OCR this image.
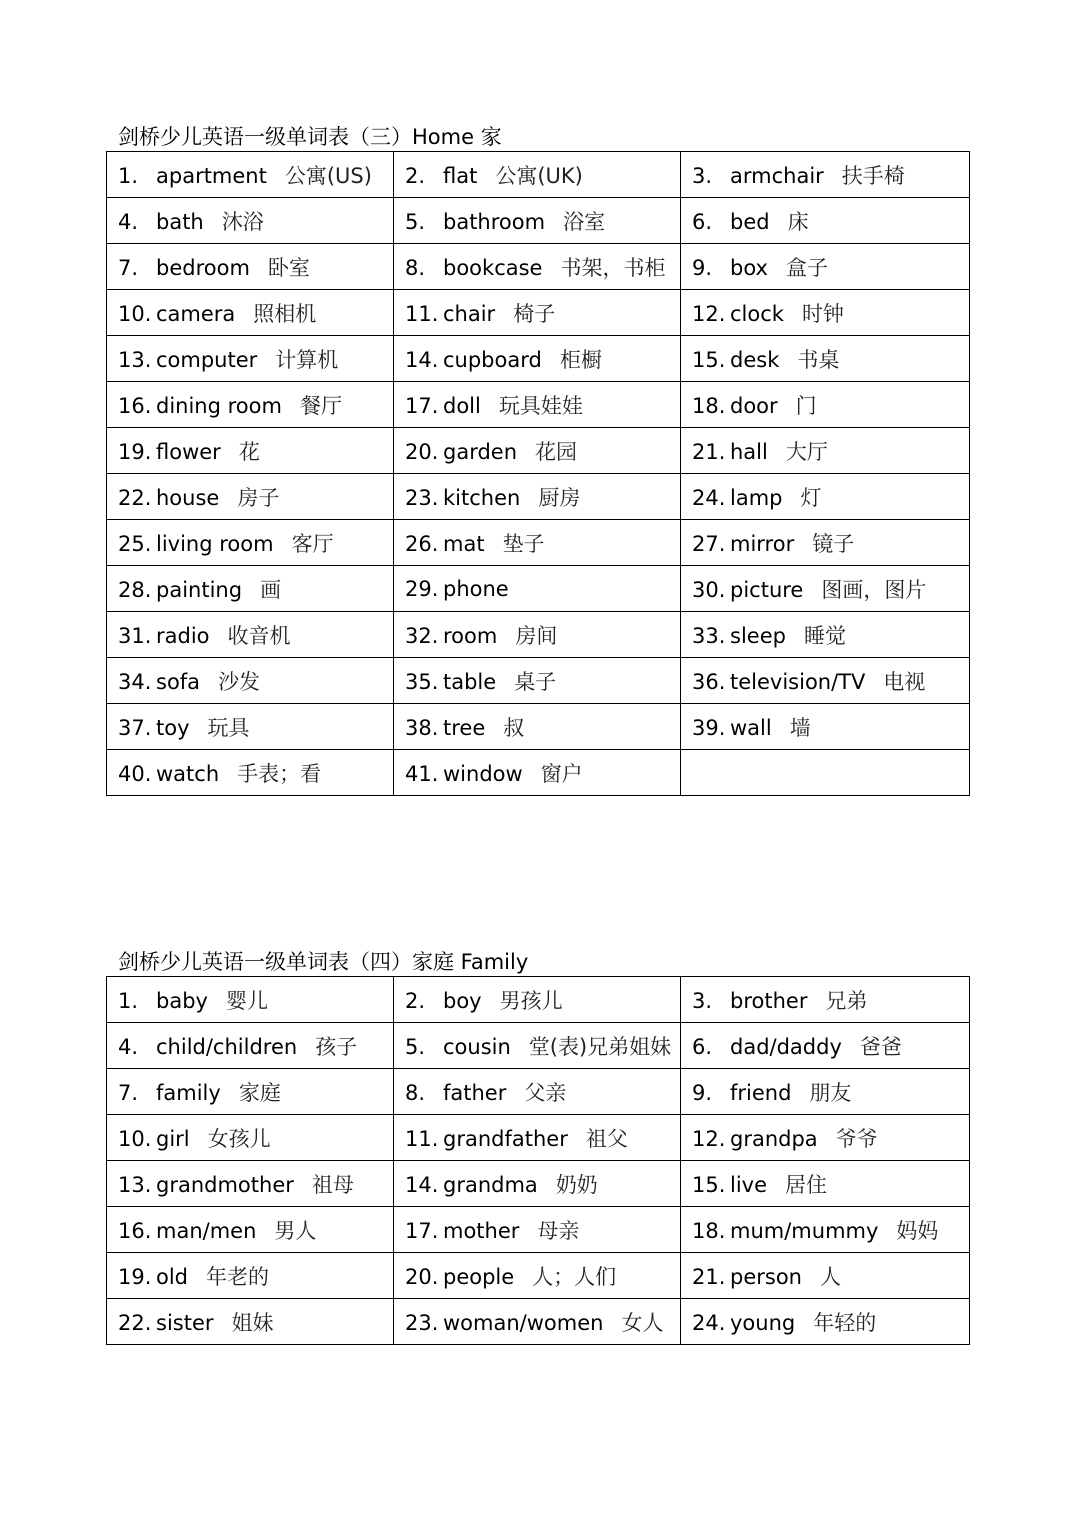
剑桥少儿英语一级单词表（三）Home 家
1. apartment 公寓(US)	2. flat 公寓(UK)	3. armchair 扶手椅
4. bath 沐浴	5. bathroom 浴室	6. bed 床
7. bedroom 卧室	8. bookcase 书架，书柜	9. box 盒子
10. camera 照相机	11. chair 椅子	12. clock 时钟
13. computer 计算机	14. cupboard 柜橱	15. desk 书桌
16. dining room 餐厅	17. doll 玩具娃娃	18. door 门
19. flower 花	20. garden 花园	21. hall 大厅
22. house 房子	23. kitchen 厨房	24. lamp 灯
25. living room 客厅	26. mat 垫子	27. mirror 镜子
28. painting 画	29. phone	30. picture 图画，图片
31. radio 收音机	32. room 房间	33. sleep 睡觉
34. sofa 沙发	35. table 桌子	36. television/TV 电视
37. toy 玩具	38. tree 叔	39. wall 墙
40. watch 手表；看	41. window 窗户	
剑桥少儿英语一级单词表（四）家庭 Family
1. baby 婴儿	2. boy 男孩儿	3. brother 兄弟
4. child/children 孩子	5. cousin 堂(表)兄弟姐妹	6. dad/daddy 爸爸
7. family 家庭	8. father 父亲	9. friend 朋友
10. girl 女孩儿	11. grandfather 祖父	12. grandpa 爷爷
13. grandmother 祖母	14. grandma 奶奶	15. live 居住
16. man/men 男人	17. mother 母亲	18. mum/mummy 妈妈
19. old 年老的	20. people 人；人们	21. person 人
22. sister 姐妹	23. woman/women 女人	24. young 年轻的
